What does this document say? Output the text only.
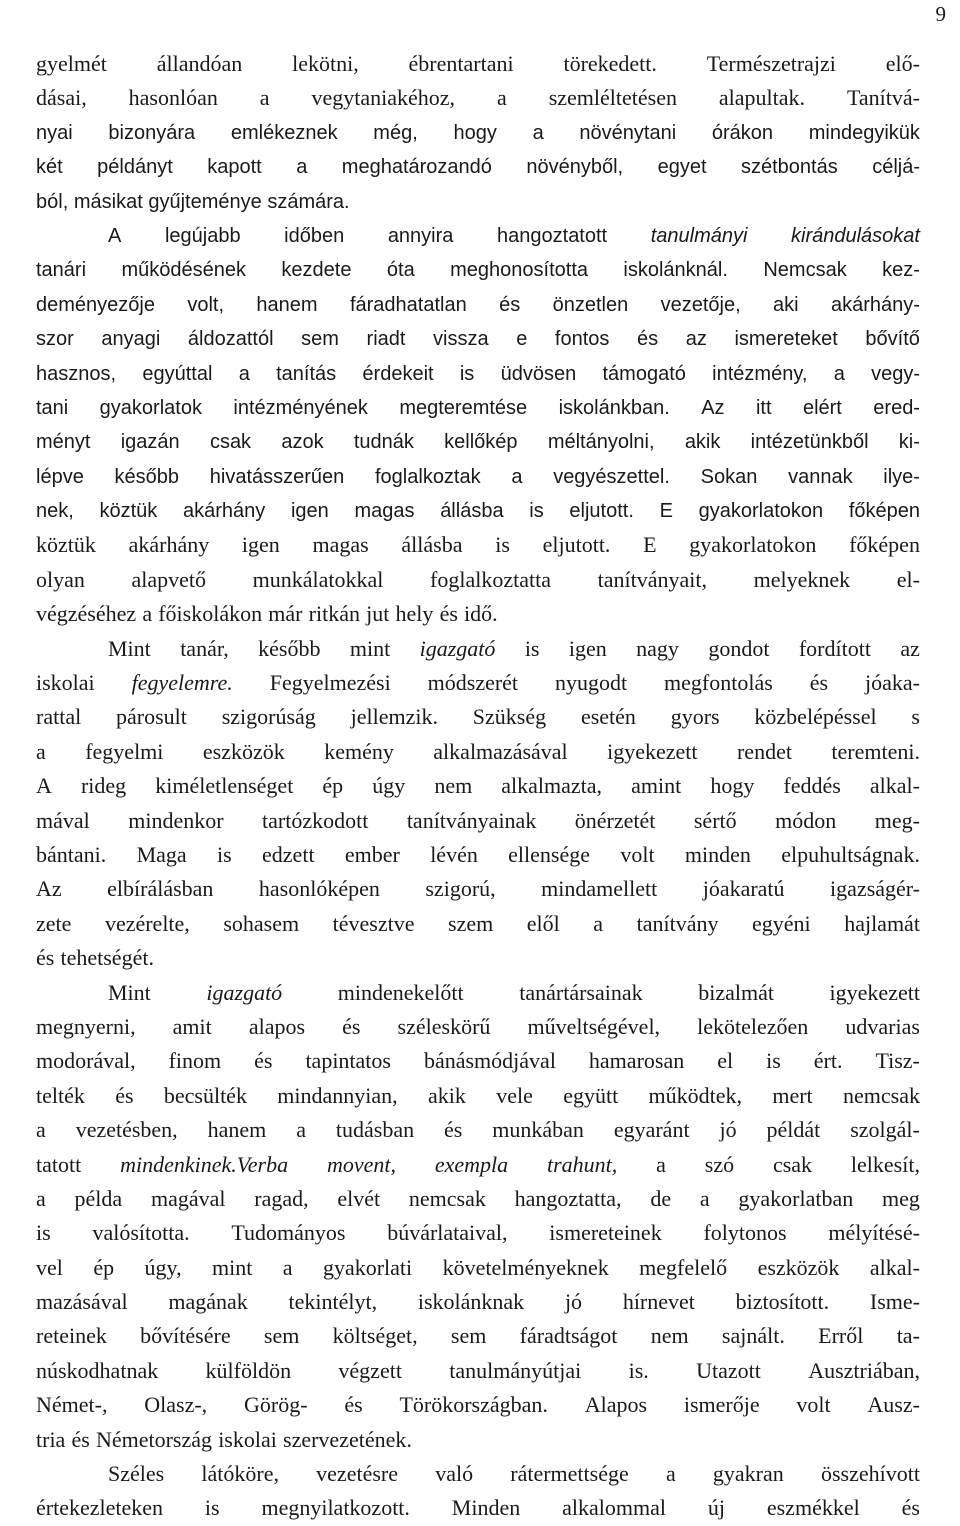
9
gyelmét állandóan lekötni, ébrentartani törekedett. Természetrajzi elő-
dásai, hasonlóan a vegytaniakéhoz, a szemléltetésen alapultak. Tanítvá-
nyai bizonyára emlékeznek még, hogy a növénytani órákon mindegyikük
két példányt kapott a meghatározandó növényből, egyet szétbontás céljá-
ból, másikat gyűjteménye számára.
A legújabb időben annyira hangoztatott tanulmányi kirándulásokat
tanári működésének kezdete óta meghonosította iskolánknál. Nemcsak kez-
deményezője volt, hanem fáradhatatlan és önzetlen vezetője, aki akárhány-
szor anyagi áldozattól sem riadt vissza e fontos és az ismereteket bővítő
hasznos, egyúttal a tanítás érdekeit is üdvösen támogató intézmény, a vegy-
tani gyakorlatok intézményének megteremtése iskolánkban. Az itt elért ered-
ményt igazán csak azok tudnák kellőkép méltányolni, akik intézetünkből ki-
lépve később hivatásszerűen foglalkoztak a vegyészettel. Sokan vannak ilye-
nek, köztük akárhány igen magas állásba is eljutott. E gyakorlatokon főképen
köztük akárhány igen magas állásba is eljutott. E gyakorlatokon főképen
olyan alapvető munkálatokkal foglalkoztatta tanítványait, melyeknek el-
végzéséhez a főiskolákon már ritkán jut hely és idő.
Mint tanár, később mint igazgató is igen nagy gondot fordított az
iskolai fegyelemre. Fegyelmezési módszerét nyugodt megfontolás és jóaka-
rattal párosult szigorúság jellemzik. Szükség esetén gyors közbelépéssel s
a fegyelmi eszközök kemény alkalmazásával igyekezett rendet teremteni.
A rideg kiméletlenséget ép úgy nem alkalmazta, amint hogy feddés alkal-
mával mindenkor tartózkodott tanítványainak önérzetét sértő módon meg-
bántani. Maga is edzett ember lévén ellensége volt minden elpuhultságnak.
Az elbírálásban hasonlóképen szigorú, mindamellett jóakaratú igazságér-
zete vezérelte, sohasem tévesztve szem elől a tanítvány egyéni hajlamát
és tehetségét.
Mint	igazgató	mindenekelőtt	tanártársainak	bizalmát	igyekezett
megnyerni, amit alapos és széleskörű műveltségével, lekötelezően udvarias
modorával, finom és tapintatos bánásmódjával hamarosan el is ért. Tisz-
telték és becsülték mindannyian, akik vele együtt működtek, mert nemcsak
a vezetésben, hanem a tudásban és munkában egyaránt jó példát szolgál-
tatott mindenkinek.Verba movent, exempla trahunt, a szó csak lelkesít,
a példa magával ragad, elvét nemcsak hangoztatta, de a gyakorlatban meg
is valósította. Tudományos búvárlataival, ismereteinek folytonos mélyítésé-
vel ép úgy, mint a gyakorlati követelményeknek megfelelő eszközök alkal-
mazásával magának tekintélyt, iskolánknak jó hírnevet biztosított. Isme-
reteinek bővítésére sem költséget, sem fáradtságot nem sajnált. Erről ta-
núskodhatnak külföldön végzett tanulmányútjai is. Utazott Ausztriában,
Német-, Olasz-, Görög- és Törökországban. Alapos ismerője volt Ausz-
tria és Németország iskolai szervezetének.
Széles látóköre, vezetésre való rátermettsége a gyakran összehívott
értekezleteken is megnyilatkozott. Minden alkalommal új eszmékkel és
